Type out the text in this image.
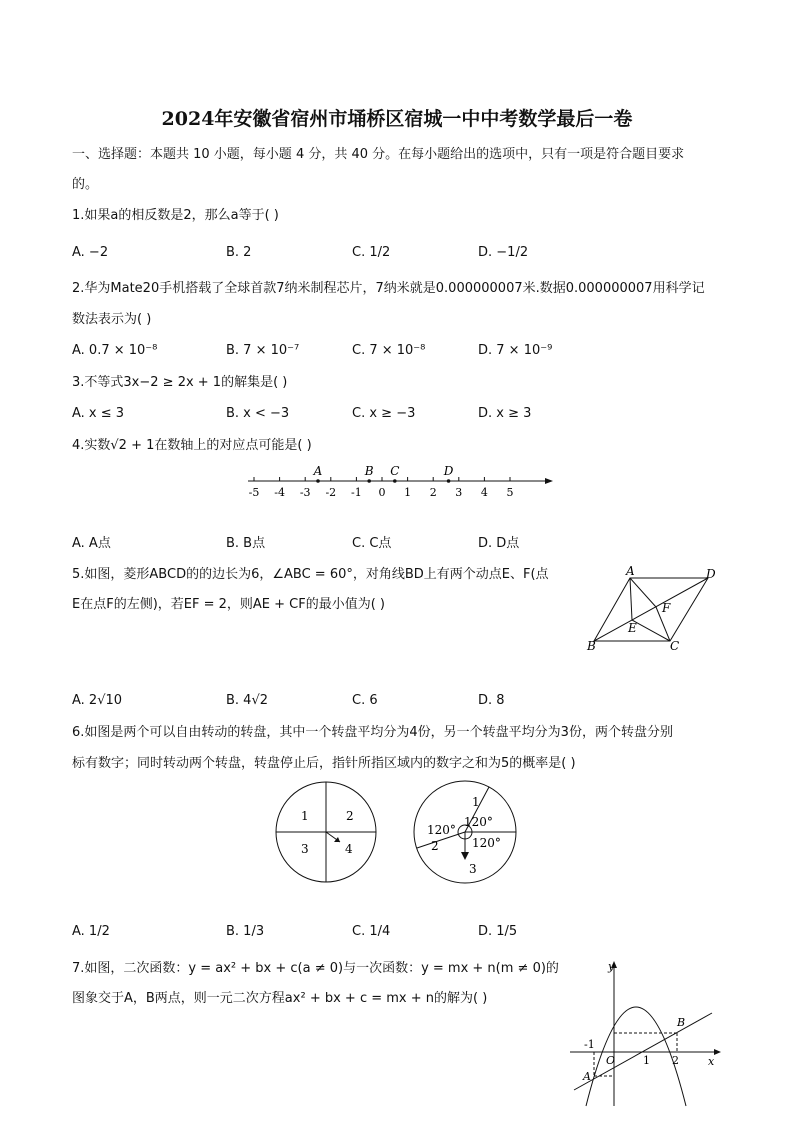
2024年安徽省宿州市埇桥区宿城一中中考数学最后一卷
一、选择题：本题共 10 小题，每小题 4 分，共 40 分。在每小题给出的选项中，只有一项是符合题目要求
的。
1.如果a的相反数是2，那么a等于( )
A. −2	B. 2	C. 1/2	D. −1/2
2.华为Mate20手机搭载了全球首款7纳米制程芯片，7纳米就是0.000000007米.数据0.000000007用科学记
数法表示为( )
A. 0.7 × 10⁻⁸	B. 7 × 10⁻⁷	C. 7 × 10⁻⁸	D. 7 × 10⁻⁹
3.不等式3x−2 ≥ 2x + 1的解集是( )
A. x ≤ 3	B. x < −3	C. x ≥ −3	D. x ≥ 3
4.实数√2 + 1在数轴上的对应点可能是( )
-5 -4 -3 -2 -1 0 1 2 3 4 5
A	B C	D
A. A点	B. B点	C. C点	D. D点
5.如图，菱形ABCD的的边长为6，∠ABC = 60°，对角线BD上有两个动点E、F(点
E在点F的左侧)，若EF = 2，则AE + CF的最小值为( )
A	D
F
E
B	C
A. 2√10	B. 4√2	C. 6	D. 8
6.如图是两个可以自由转动的转盘，其中一个转盘平均分为4份，另一个转盘平均分为3份，两个转盘分别
标有数字；同时转动两个转盘，转盘停止后，指针所指区域内的数字之和为5的概率是( )
1	2
3	4
1
2
3
120°
120°
120°
A. 1/2	B. 1/3	C. 1/4	D. 1/5
7.如图，二次函数：y = ax² + bx + c(a ≠ 0)与一次函数：y = mx + n(m ≠ 0)的
图象交于A，B两点，则一元二次方程ax² + bx + c = mx + n的解为( )
y
x
O
-1
1 2
A
B
